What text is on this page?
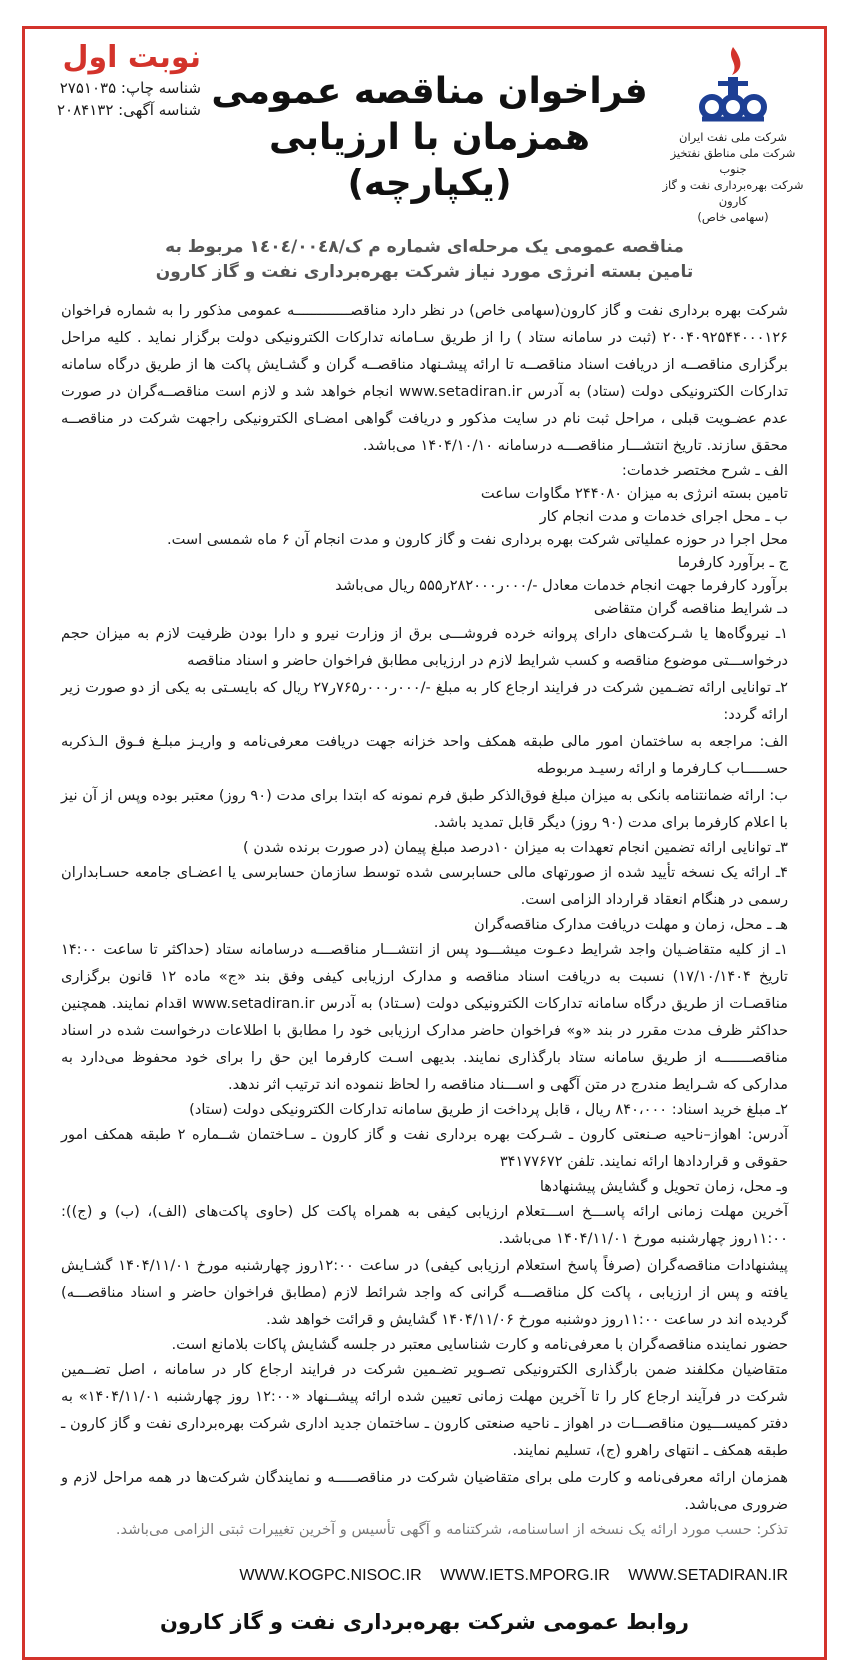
شرکت ملی نفت ایران
شرکت ملی مناطق نفتخیز جنوب
شرکت بهره‌برداری نفت و گاز کارون
(سهامی خاص)
فراخوان مناقصه عمومی
همزمان با ارزیابی (یکپارچه)
نوبت اول
شناسه چاپ: ۲۷۵۱۰۳۵
شناسه آگهی: ۲۰۸۴۱۳۲
مناقصه عمومی یک مرحله‌ای شماره م ک/۱٤۰٤/۰۰٤۸ مربوط به
تامین بسته انرژی مورد نیاز شرکت بهره‌برداری نفت و گاز کارون

شرکت بهره برداری نفت و گاز کارون(سهامی خاص) در نظر دارد مناقصـــــــــــــه عمومی مذکور را به شماره فراخوان ۲۰۰۴۰۹۲۵۴۴۰۰۰۱۲۶ (ثبت در سامانه ستاد ) را از طریق سـامانه تدارکات الکترونیکی دولت برگزار نماید . کلیه مراحل برگزاری مناقصــه از دریافت اسناد مناقصــه تا ارائه پیشـنهاد مناقصــه گران و گشـایش پاکت ها از طریق درگاه سامانه تدارکات الکترونیکی دولت (ستاد) به آدرس www.setadiran.ir انجام خواهد شد و لازم است مناقصــه‌گران در صورت عدم عضـویت قبلی ، مراحل ثبت نام در سایت مذکور و دریافت گواهی امضـای الکترونیکی راجهت شرکت در مناقصــه محقق سازند. تاریخ انتشـــار مناقصـــه درسامانه ۱۴۰۴/۱۰/۱۰ می‌باشد.

الف ـ شرح مختصر خدمات:

تامین بسته انرژی به میزان ۲۴۴۰۸۰ مگاوات ساعت

ب ـ محل اجرای خدمات و مدت انجام کار

محل اجرا در حوزه عملیاتی شرکت بهره برداری نفت و گاز کارون و مدت انجام آن ۶ ماه شمسی است.

ج ـ برآورد کارفرما

برآورد کارفرما جهت انجام خدمات معادل -/۰۰۰ر۲۸۲۰۰۰ر۵۵۵ ریال می‌باشد

دـ شرایط مناقصه گران متقاضی

۱ـ نیروگاه‌ها یا شـرکت‌های دارای پروانه خرده فروشـــی برق از وزارت نیرو و دارا بودن ظرفیت لازم به میزان حجم درخواســـتی موضوع مناقصه و کسب شرایط لازم در ارزیابی مطابق فراخوان حاضر و اسناد مناقصه

۲ـ توانایی ارائه تضـمین شرکت در فرایند ارجاع کار به مبلغ -/۰۰۰ر۰۰۰ر۷۶۵ر۲۷ ریال که بایسـتی به یکی از دو صورت زیر ارائه گردد:

الف: مراجعه به ساختمان امور مالی طبقه همکف واحد خزانه جهت دریافت معرفی‌نامه و واریـز مبلـغ فـوق الـذکربه حســـــاب کـارفرما و ارائه رسیـد مربوطه

ب: ارائه ضمانتنامه بانکی به میزان مبلغ فوق‌الذکر طبق فرم نمونه که ابتدا برای مدت (۹۰ روز) معتبر بوده وپس از آن نیز با اعلام کارفرما برای مدت (۹۰ روز) دیگر قابل تمدید باشد.

۳ـ توانایی ارائه تضمین انجام تعهدات به میزان ۱۰درصد مبلغ پیمان (در صورت برنده شدن )

۴ـ ارائه یک نسخه تأیید شده از صورتهای مالی حسابرسی شده توسط سازمان حسابرسی یا اعضـای جامعه حسـابداران رسمی در هنگام انعقاد قرارداد الزامی است.

هـ ـ محل، زمان و مهلت دریافت مدارک مناقصه‌گران

۱ـ از کلیه متقاضـیان واجد شرایط دعـوت میشـــود پس از انتشـــار مناقصـــه درسامانه ستاد (حداکثر تا ساعت ۱۴:۰۰ تاریخ ۱۷/۱۰/۱۴۰۴) نسبت به دریافت اسناد مناقصه و مدارک ارزیابی کیفی وفق بند «ج» ماده ۱۲ قانون برگزاری مناقصـات از طریق درگاه سامانه تدارکات الکترونیکی دولت (سـتاد) به آدرس www.setadiran.ir اقدام نمایند. همچنین حداکثر ظرف مدت مقرر در بند «و» فراخوان حاضر مدارک ارزیابی خود را مطابق با اطلاعات درخواست شده در اسناد مناقصـــــــه از طریق سامانه ستاد بارگذاری نمایند. بدیهی اسـت کارفرما این حق را برای خود محفوظ می‌دارد به مدارکی که شـرایط مندرج در متن آگهی و اســـناد مناقصه را لحاظ ننموده اند ترتیب اثر ندهد.

۲ـ مبلغ خرید اسناد: ۸۴۰،۰۰۰ ریال ، قابل پرداخت از طریق سامانه تدارکات الکترونیکی دولت (ستاد)

آدرس: اهواز–ناحیه صـنعتی کارون ـ شـرکت بهره برداری نفت و گاز کارون ـ سـاختمان شــماره ۲ طبقه همکف امور حقوقی و قراردادها ارائه نمایند. تلفن ۳۴۱۷۷۶۷۲

وـ محل، زمان تحویل و گشایش پیشنهادها

آخرین مهلت زمانی ارائه پاســـخ اســـتعلام ارزیابی کیفی به همراه پاکت کل (حاوی پاکت‌های (الف)، (ب) و (ج)): ۱۱:۰۰روز چهارشنبه مورخ ۱۴۰۴/۱۱/۰۱ می‌باشد.

پیشنهادات مناقصه‌گران (صرفاً پاسخ استعلام ارزیابی کیفی) در ساعت ۱۲:۰۰روز چهارشنبه مورخ ۱۴۰۴/۱۱/۰۱ گشـایش یافته و پس از ارزیابی ، پاکت کل مناقصـــه گرانی که واجد شرائط لازم (مطابق فراخوان حاضر و اسناد مناقصـــه) گردیده اند در ساعت ۱۱:۰۰روز دوشنبه مورخ ۱۴۰۴/۱۱/۰۶ گشایش و قرائت خواهد شد.

حضور نماینده مناقصه‌گران با معرفی‌نامه و کارت شناسایی معتبر در جلسه گشایش پاکات بلامانع است.

متقاضیان مکلفند ضمن بارگذاری الکترونیکی تصـویر تضـمین شرکت در فرایند ارجاع کار در سامانه ، اصل تضــمین شرکت در فرآیند ارجاع کار را تا آخرین مهلت زمانی تعیین شده ارائه پیشــنهاد «۱۲:۰۰ روز چهارشنبه ۱۴۰۴/۱۱/۰۱» به دفتر کمیســـیون مناقصـــات در اهواز ـ ناحیه صنعتی کارون ـ ساختمان جدید اداری شرکت بهره‌برداری نفت و گاز کارون ـ طبقه همکف ـ انتهای راهرو (ج)، تسلیم نمایند.

همزمان ارائه معرفی‌نامه و کارت ملی برای متقاضیان شرکت در مناقصـــــه و نمایندگان شرکت‌ها در همه مراحل لازم و ضروری می‌باشد.

تذکر: حسب مورد ارائه یک نسخه از اساسنامه، شرکتنامه و آگهی تأسیس و آخرین تغییرات ثبتی الزامی می‌باشد.

WWW.KOGPC.NISOC.IR WWW.IETS.MPORG.IR WWW.SETADIRAN.IR
روابط عمومی شرکت بهره‌برداری نفت و گاز کارون
